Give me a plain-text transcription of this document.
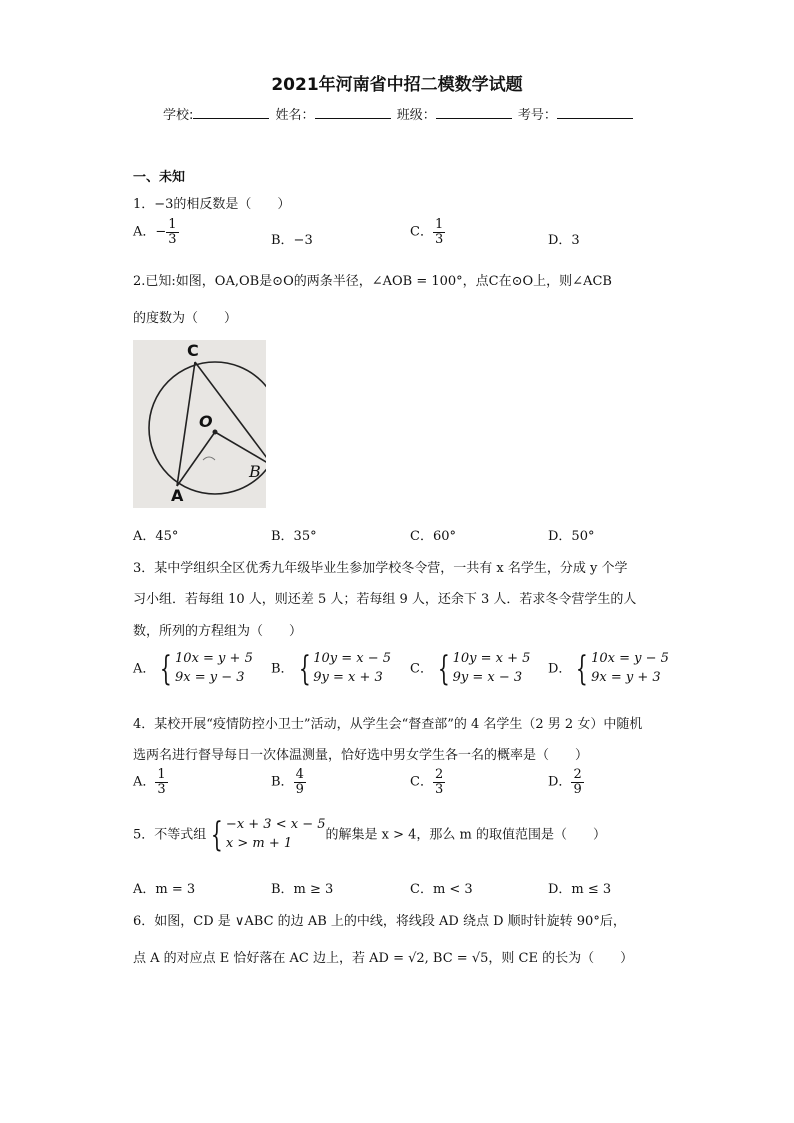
2021年河南省中招二模数学试题
学校:	姓名：	班级：	考号：
一、未知
1．−3的相反数是（　　）
A．− $\frac{1}{3}$	B．−3
C． $\frac{1}{3}$	D．3
2.已知:如图，OA,OB是⊙O的两条半径，∠AOB = 100°，点C在⊙O上，则∠ACB
的度数为（　　）
C
O
A
B
A．45°	B．35°	C．60°	D．50°
3．某中学组织全区优秀九年级毕业生参加学校冬令营，一共有 x 名学生，分成 y 个学
习小组．若每组 10 人，则还差 5 人；若每组 9 人，还余下 3 人．若求冬令营学生的人
数，所列的方程组为（　　）
A． { 10x = y + 5
9x = y − 3
B． { 10y = x − 5
9y = x + 3
C． { 10y = x + 5
9y = x − 3
D． { 10x = y − 5
9x = y + 3
4．某校开展“疫情防控小卫士”活动，从学生会“督查部”的 4 名学生（2 男 2 女）中随机
选两名进行督导每日一次体温测量，恰好选中男女学生各一名的概率是（　　）
A． $\frac{1}{3}$	B． $\frac{4}{9}$	C． $\frac{2}{3}$	D． $\frac{2}{9}$
5．不等式组 { −x + 3 < x − 5
x > m + 1
的解集是 x > 4，那么 m 的取值范围是（　　）
A．m = 3	B．m ≥ 3	C．m < 3	D．m ≤ 3
6．如图，CD 是 ∨ABC 的边 AB 上的中线，将线段 AD 绕点 D 顺时针旋转 90°后，
点 A 的对应点 E 恰好落在 AC 边上，若 AD = √2, BC = √5，则 CE 的长为（　　）
